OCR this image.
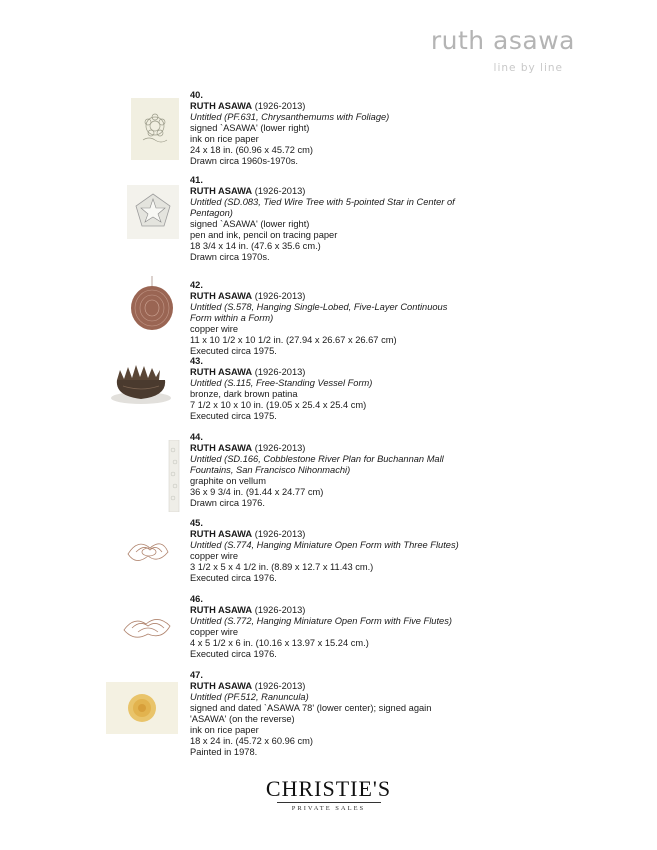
ruth asawa
line by line
40.
RUTH ASAWA (1926-2013)
Untitled (PF.631, Chrysanthemums with Foliage)
signed `ASAWA' (lower right)
ink on rice paper
24 x 18 in. (60.96 x 45.72 cm)
Drawn circa 1960s-1970s.
41.
RUTH ASAWA (1926-2013)
Untitled (SD.083, Tied Wire Tree with 5-pointed Star in Center of
Pentagon)
signed `ASAWA' (lower right)
pen and ink, pencil on tracing paper
18 3/4 x 14 in. (47.6 x 35.6 cm.)
Drawn circa 1970s.
42.
RUTH ASAWA (1926-2013)
Untitled (S.578, Hanging Single-Lobed, Five-Layer Continuous
Form within a Form)
copper wire
11 x 10 1/2 x 10 1/2 in. (27.94 x 26.67 x 26.67 cm)
Executed circa 1975.
43.
RUTH ASAWA (1926-2013)
Untitled (S.115, Free-Standing Vessel Form)
bronze, dark brown patina
7 1/2 x 10 x 10 in. (19.05 x 25.4 x 25.4 cm)
Executed circa 1975.
44.
RUTH ASAWA (1926-2013)
Untitled (SD.166, Cobblestone River Plan for Buchannan Mall
Fountains, San Francisco Nihonmachi)
graphite on vellum
36 x 9 3/4 in. (91.44 x 24.77 cm)
Drawn circa 1976.
45.
RUTH ASAWA (1926-2013)
Untitled (S.774, Hanging Miniature Open Form with Three Flutes)
copper wire
3 1/2 x 5 x 4 1/2 in. (8.89 x 12.7 x 11.43 cm.)
Executed circa 1976.
46.
RUTH ASAWA (1926-2013)
Untitled (S.772, Hanging Miniature Open Form with Five Flutes)
copper wire
4 x 5 1/2 x 6 in. (10.16 x 13.97 x 15.24 cm.)
Executed circa 1976.
47.
RUTH ASAWA (1926-2013)
Untitled (PF.512, Ranuncula)
signed and dated `ASAWA 78' (lower center); signed again
'ASAWA' (on the reverse)
ink on rice paper
18 x 24 in. (45.72 x 60.96 cm)
Painted in 1978.
CHRISTIE'S
PRIVATE SALES
